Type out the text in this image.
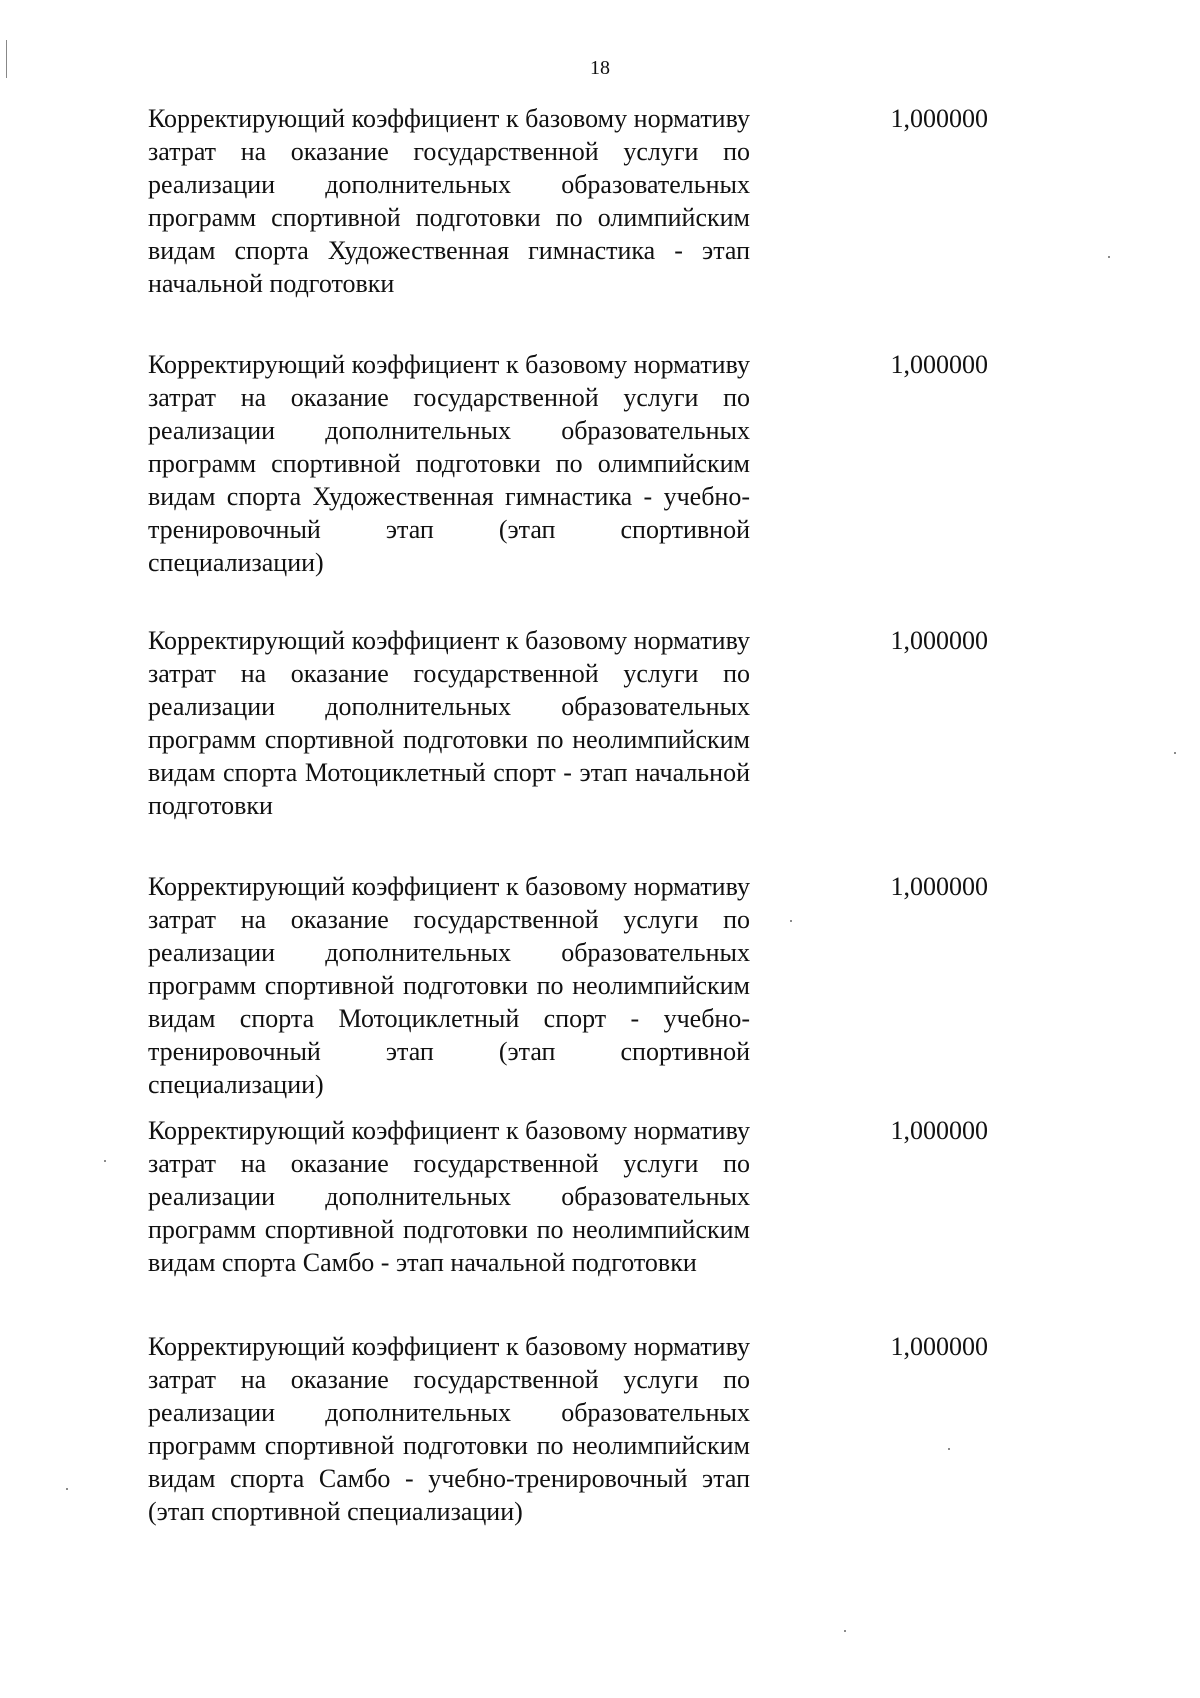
18

Корректирующий коэффициент к базовому нормативу затрат на оказание государственной услуги по реализации дополнительных образовательных программ спортивной подготовки по олимпийским видам спорта Художественная гимнастика - этап начальной подготовки

1,000000

Корректирующий коэффициент к базовому нормативу затрат на оказание государственной услуги по реализации дополнительных образовательных программ спортивной подготовки по олимпийским видам спорта Художественная гимнастика - учебно-тренировочный этап (этап спортивной специализации)

1,000000

Корректирующий коэффициент к базовому нормативу затрат на оказание государственной услуги по реализации дополнительных образовательных программ спортивной подготовки по неолимпийским видам спорта Мотоциклетный спорт - этап начальной подготовки

1,000000

Корректирующий коэффициент к базовому нормативу затрат на оказание государственной услуги по реализации дополнительных образовательных программ спортивной подготовки по неолимпийским видам спорта Мотоциклетный спорт - учебно-тренировочный этап (этап спортивной специализации)

1,000000

Корректирующий коэффициент к базовому нормативу затрат на оказание государственной услуги по реализации дополнительных образовательных программ спортивной подготовки по неолимпийским видам спорта Самбо - этап начальной подготовки

1,000000

Корректирующий коэффициент к базовому нормативу затрат на оказание государственной услуги по реализации дополнительных образовательных программ спортивной подготовки по неолимпийским видам спорта Самбо - учебно-тренировочный этап (этап спортивной специализации)

1,000000
